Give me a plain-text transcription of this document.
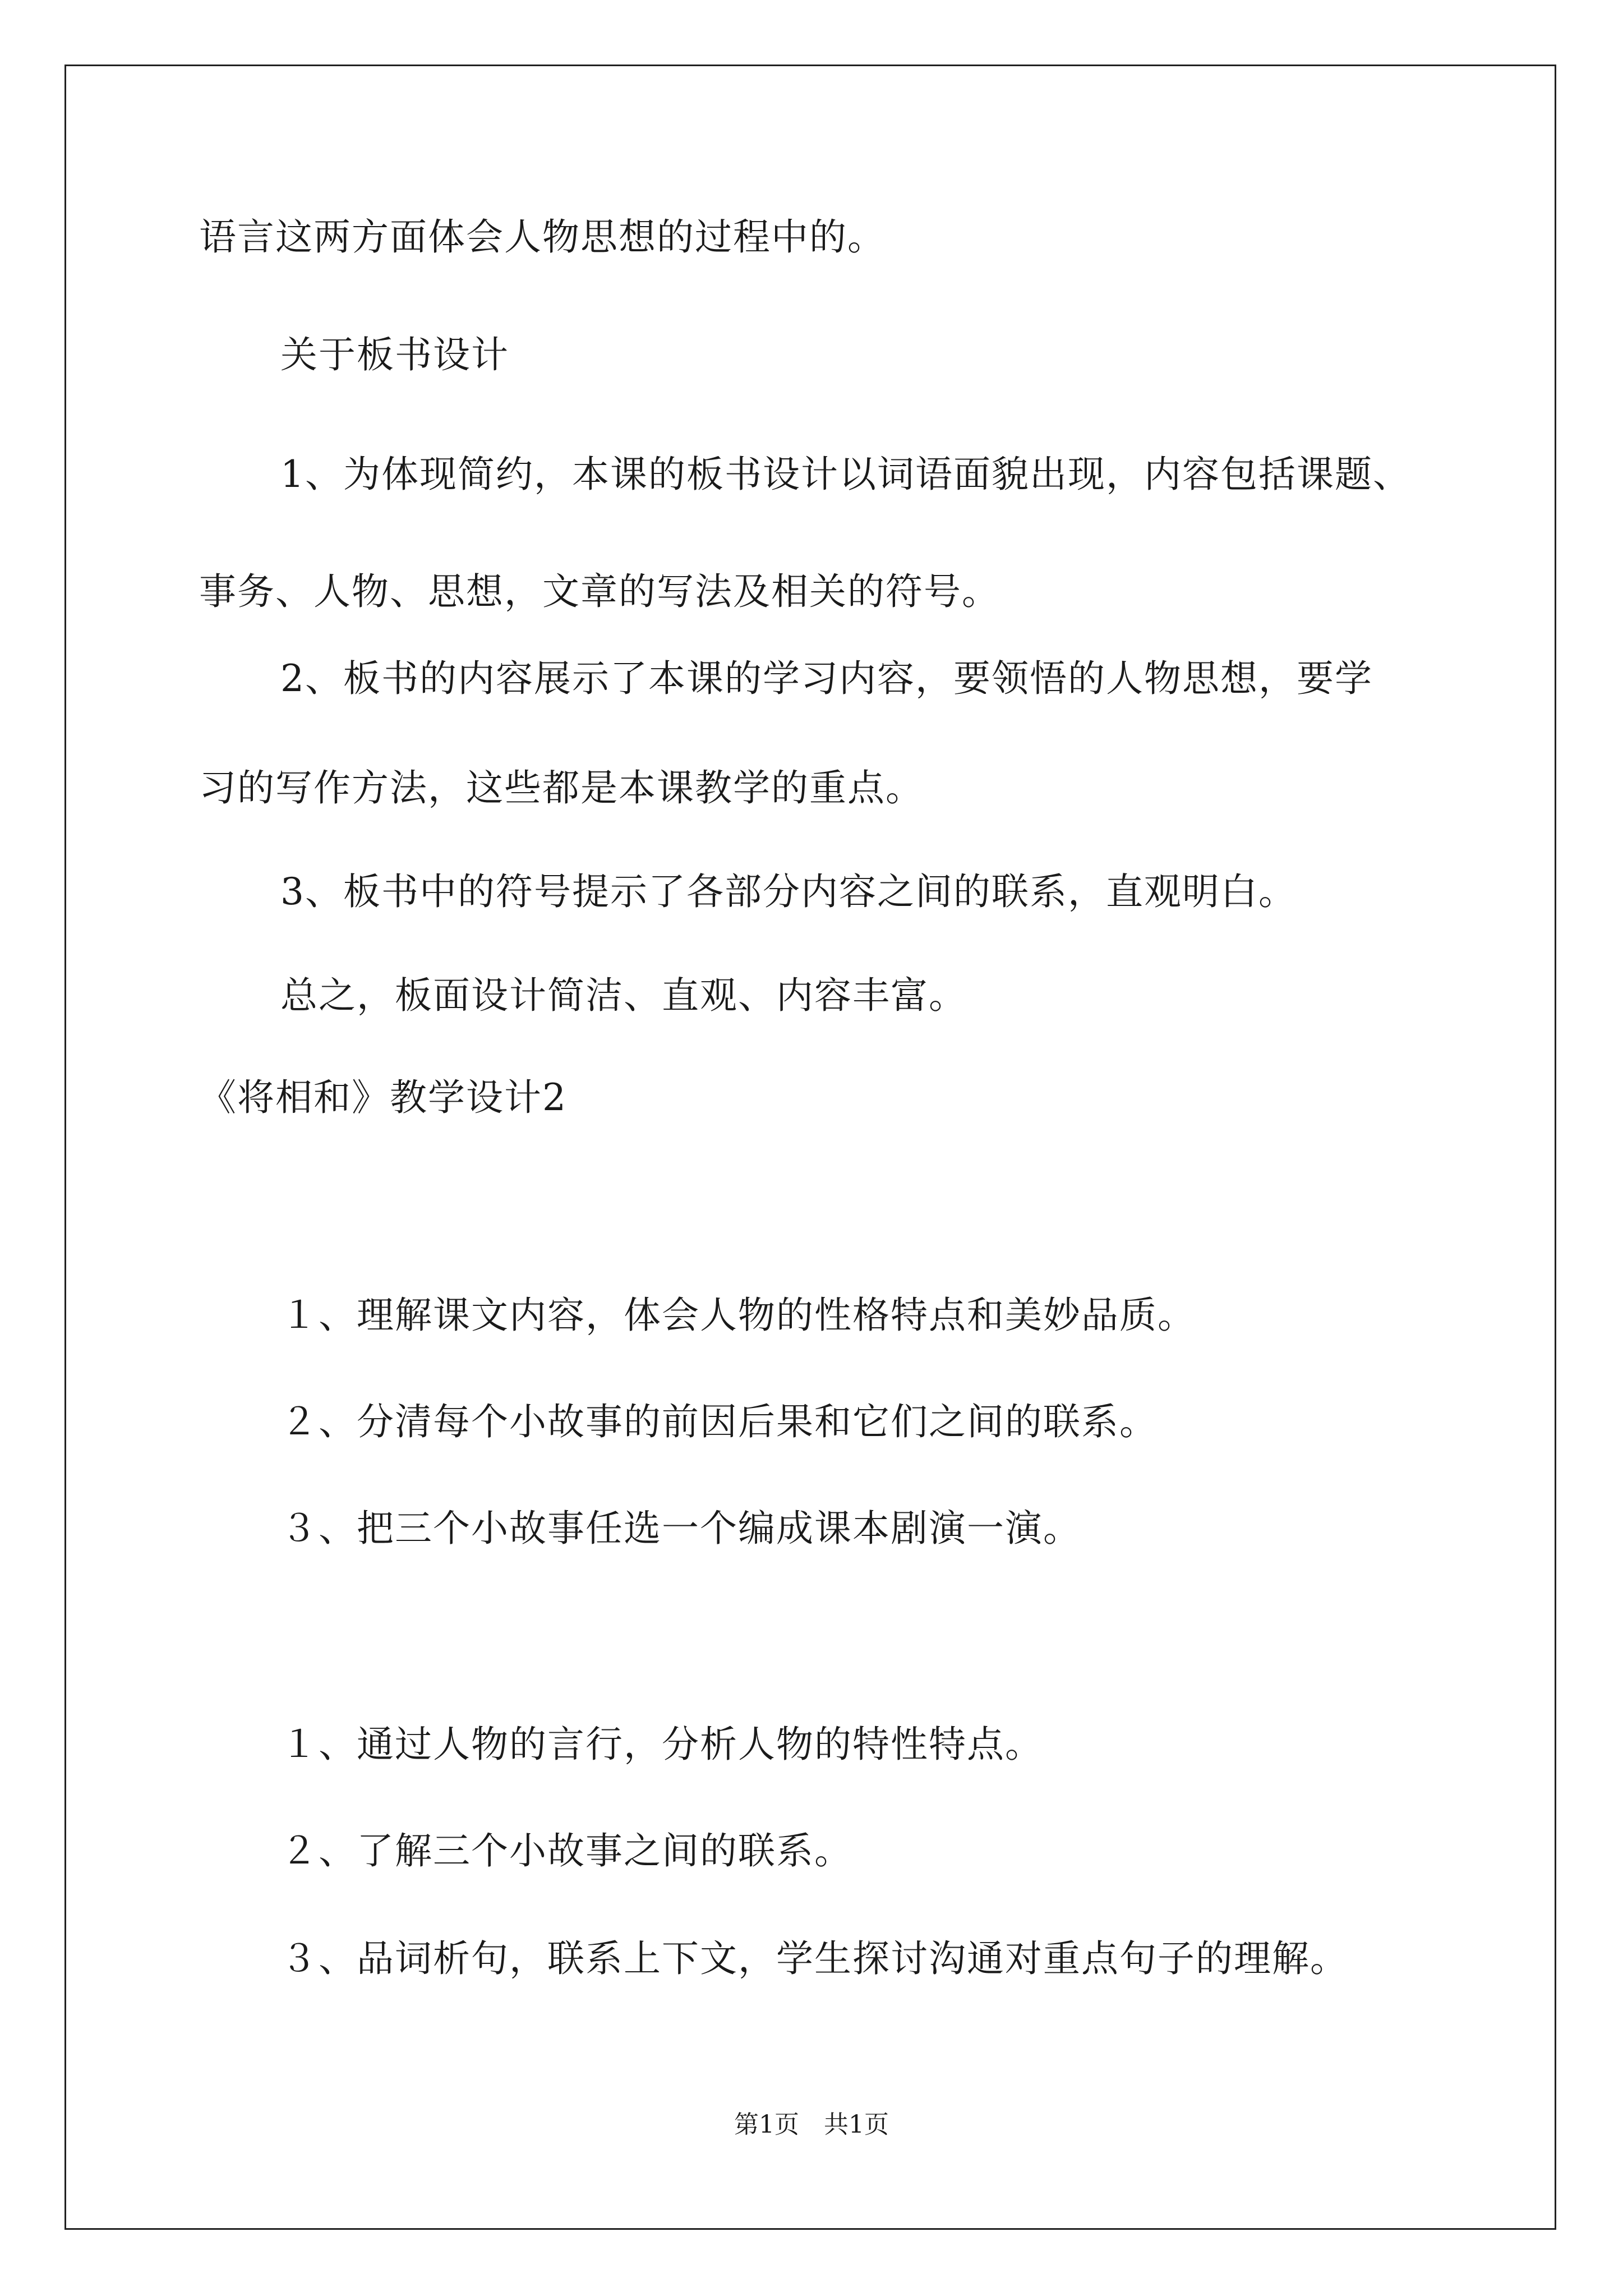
语言这两方面体会人物思想的过程中的。
关于板书设计
1、为体现简约，本课的板书设计以词语面貌出现，内容包括课题、
事务、人物、思想，文章的写法及相关的符号。
2、板书的内容展示了本课的学习内容，要领悟的人物思想，要学
习的写作方法，这些都是本课教学的重点。
3、板书中的符号提示了各部分内容之间的联系，直观明白。
总之，板面设计简洁、直观、内容丰富。
《将相和》教学设计2
１、理解课文内容，体会人物的性格特点和美妙品质。
２、分清每个小故事的前因后果和它们之间的联系。
３、把三个小故事任选一个编成课本剧演一演。
１、通过人物的言行，分析人物的特性特点。
２、了解三个小故事之间的联系。
３、品词析句，联系上下文，学生探讨沟通对重点句子的理解。
第1页　共1页
